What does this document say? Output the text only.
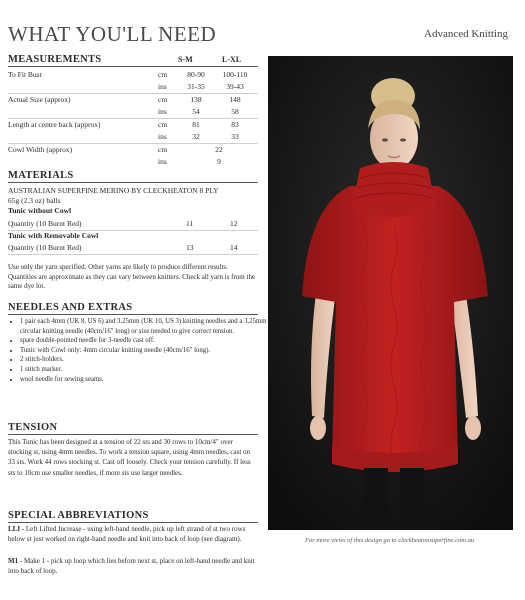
WHAT YOU'LL NEED	Advanced Knitting
MEASUREMENTS	S-M	L-XL
To Fit Bust	cm	80-90	100-110
ins	31-35	39-43
Actual Size (approx)	cm	138	148
ins	54	58
Length at centre back (approx)	cm	81	83
ins	32	33
Cowl Width (approx)	cm	22
ins	9
MATERIALS
AUSTRALIAN SUPERFINE MERINO BY CLECKHEATON 8 PLY
65g (2.3 oz) balls
Tunic without Cowl
Quantity (10 Burnt Red)	11	12
Tunic with Removable Cowl
Quantity (10 Burnt Red)	13	14
Use only the yarn specified. Other yarns are likely to produce different results. Quantities are approximate as they can vary between knitters. Check all yarn is from the same dye lot.
NEEDLES AND EXTRAS
• 1 pair each 4mm (UK 8, US 6) and 3.25mm (UK 10, US 3) knitting needles and a 3.25mm circular knitting needle (40cm/16" long) or size needed to give correct tension.
• spare double-pointed needle for 3-needle cast off.
• Tunic with Cowl only: 4mm circular knitting needle (40cm/16" long).
• 2 stitch-holders.
• 1 stitch marker.
• wool needle for sewing seams.
TENSION
This Tunic has been designed at a tension of 22 sts and 30 rows to 10cm/4" over stocking st, using 4mm needles. To work a tension square, using 4mm needles, cast on 33 sts. Work 44 rows stocking st. Cast off loosely. Check your tension carefully. If less sts to 10cm use smaller needles, if more sts use larger needles.
SPECIAL ABBREVIATIONS
LLI - Left Lifted Increase - using left-hand needle, pick up left strand of st two rows below st just worked on right-hand needle and knit into back of loop (see diagram).
M1 - Make 1 - pick up loop which lies before next st, place on left-hand needle and knit into back of loop.
For more views of this design go to cleckheatonsuperfine.com.au
